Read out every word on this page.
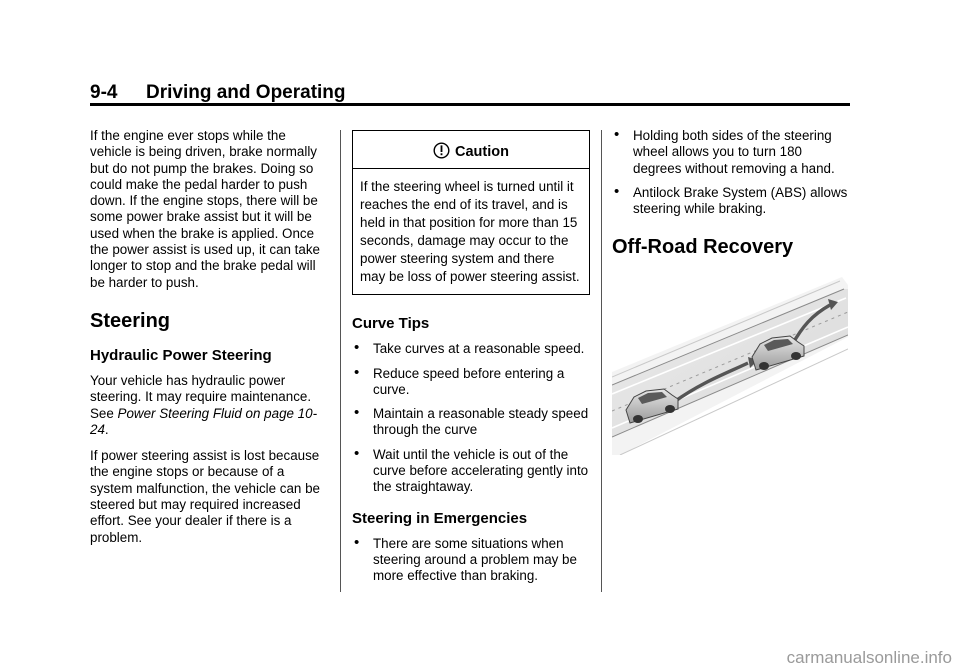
9-4 Driving and Operating

If the engine ever stops while the vehicle is being driven, brake normally but do not pump the brakes. Doing so could make the pedal harder to push down. If the engine stops, there will be some power brake assist but it will be used when the brake is applied. Once the power assist is used up, it can take longer to stop and the brake pedal will be harder to push.

Steering
Hydraulic Power Steering

Your vehicle has hydraulic power steering. It may require maintenance. See Power Steering Fluid on page 10-24.

If power steering assist is lost because the engine stops or because of a system malfunction, the vehicle can be steered but may required increased effort. See your dealer if there is a problem.

Caution
If the steering wheel is turned until it reaches the end of its travel, and is held in that position for more than 15 seconds, damage may occur to the power steering system and there may be loss of power steering assist.
Curve Tips
• Take curves at a reasonable speed.
• Reduce speed before entering a curve.
• Maintain a reasonable steady speed through the curve
• Wait until the vehicle is out of the curve before accelerating gently into the straightaway.
Steering in Emergencies
• There are some situations when steering around a problem may be more effective than braking.
• Holding both sides of the steering wheel allows you to turn 180 degrees without removing a hand.
• Antilock Brake System (ABS) allows steering while braking.
Off-Road Recovery
carmanualsonline.info
